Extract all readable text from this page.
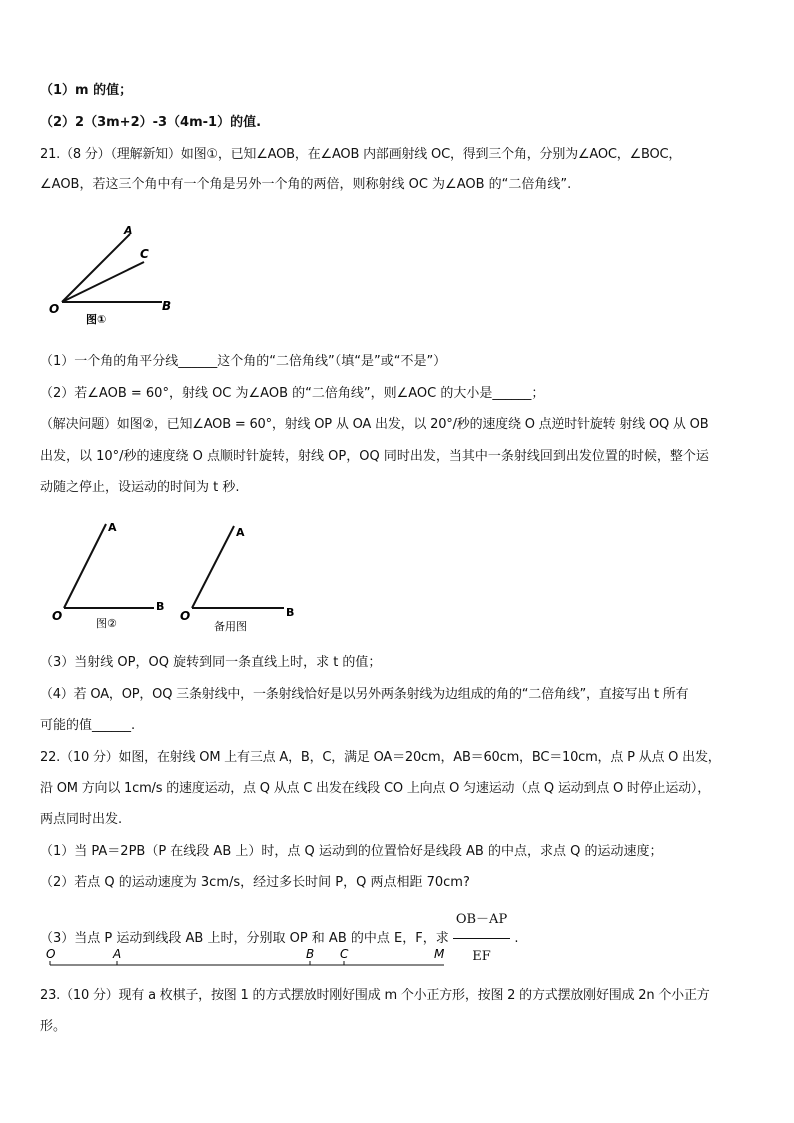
（1）m 的值；
（2）2（3m+2）-3（4m-1）的值.
21.（8 分）（理解新知）如图①，已知∠AOB，在∠AOB 内部画射线 OC，得到三个角，分别为∠AOC，∠BOC，
∠AOB，若这三个角中有一个角是另外一个角的两倍，则称射线 OC 为∠AOB 的“二倍角线”.
A
C
O	B
图①
（1）一个角的角平分线______这个角的“二倍角线”（填“是”或“不是”）
（2）若∠AOB = 60°，射线 OC 为∠AOB 的“二倍角线”，则∠AOC 的大小是______；
（解决问题）如图②，已知∠AOB = 60°，射线 OP 从 OA 出发，以 20°/秒的速度绕 O 点逆时针旋转 射线 OQ 从 OB
出发，以 10°/秒的速度绕 O 点顺时针旋转，射线 OP，OQ 同时出发，当其中一条射线回到出发位置的时候，整个运
动随之停止，设运动的时间为 t 秒.
A
O
B
图②
A
O	B
备用图
（3）当射线 OP，OQ 旋转到同一条直线上时，求 t 的值；
（4）若 OA，OP，OQ 三条射线中，一条射线恰好是以另外两条射线为边组成的角的“二倍角线”，直接写出 t 所有
可能的值______.
22.（10 分）如图，在射线 OM 上有三点 A，B，C，满足 OA＝20cm，AB＝60cm，BC＝10cm，点 P 从点 O 出发，
沿 OM 方向以 1cm/s 的速度运动，点 Q 从点 C 出发在线段 CO 上向点 O 匀速运动（点 Q 运动到点 O 时停止运动），
两点同时出发.
（1）当 PA＝2PB（P 在线段 AB 上）时，点 Q 运动到的位置恰好是线段 AB 的中点，求点 Q 的运动速度；
（2）若点 Q 的运动速度为 3cm/s，经过多长时间 P，Q 两点相距 70cm?
（3）当点 P 运动到线段 AB 上时，分别取 OP 和 AB 的中点 E，F，求 $\frac{OB-AP}{EF}$ .
O	A	B C	M
23.（10 分）现有 a 枚棋子，按图 1 的方式摆放时刚好围成 m 个小正方形，按图 2 的方式摆放刚好围成 2n 个小正方
形。
